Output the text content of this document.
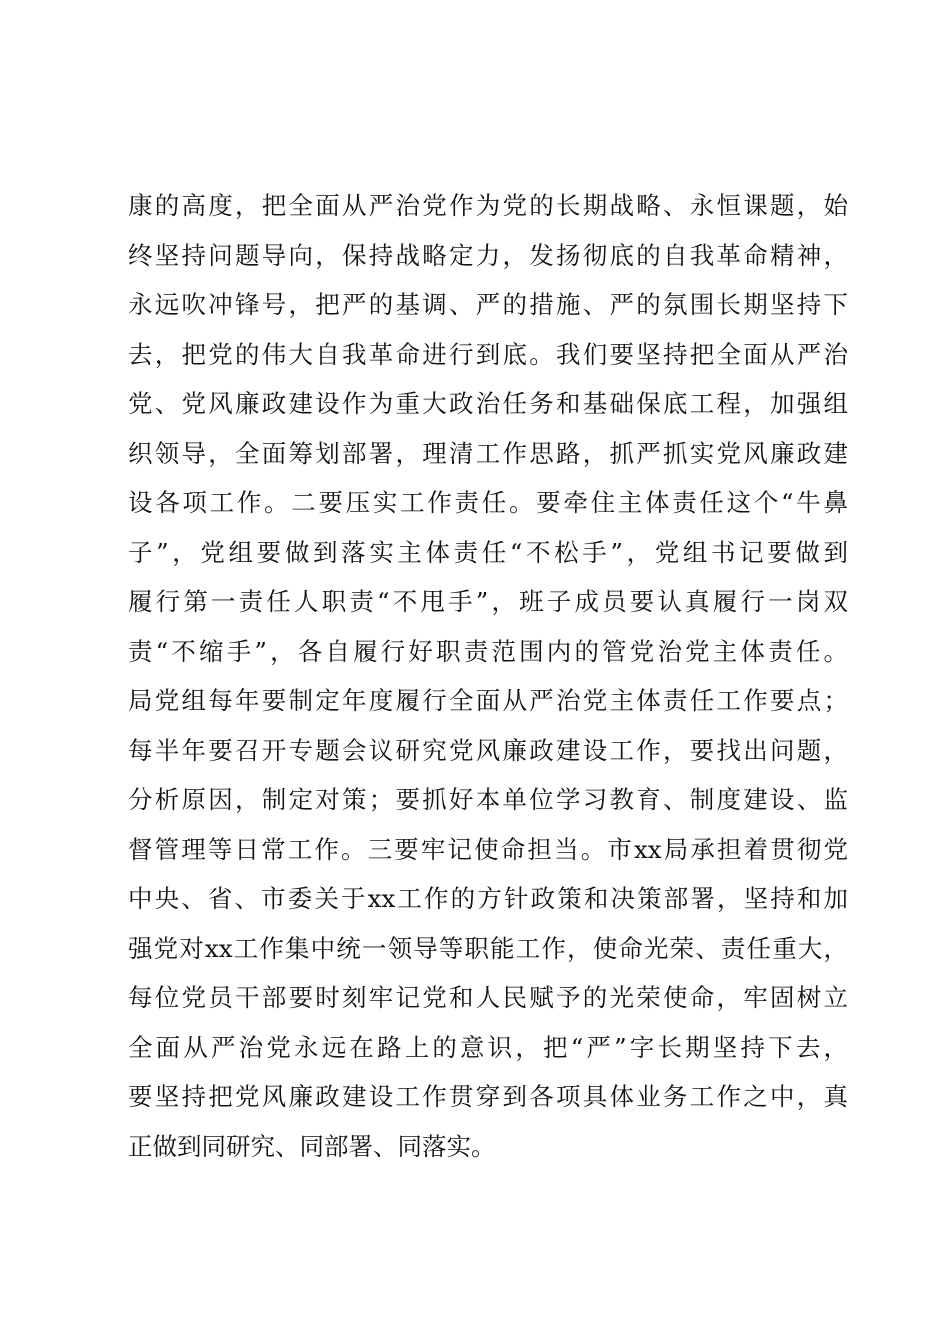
康的高度，把全面从严治党作为党的长期战略、永恒课题，始
终坚持问题导向，保持战略定力，发扬彻底的自我革命精神，
永远吹冲锋号，把严的基调、严的措施、严的氛围长期坚持下
去，把党的伟大自我革命进行到底。我们要坚持把全面从严治
党、党风廉政建设作为重大政治任务和基础保底工程，加强组
织领导，全面筹划部署，理清工作思路，抓严抓实党风廉政建
设各项工作。二要压实工作责任。要牵住主体责任这个“牛鼻
子”，党组要做到落实主体责任“不松手”，党组书记要做到
履行第一责任人职责“不甩手”，班子成员要认真履行一岗双
责“不缩手”，各自履行好职责范围内的管党治党主体责任。
局党组每年要制定年度履行全面从严治党主体责任工作要点；
每半年要召开专题会议研究党风廉政建设工作，要找出问题，
分析原因，制定对策；要抓好本单位学习教育、制度建设、监
督管理等日常工作。三要牢记使命担当。市xx局承担着贯彻党
中央、省、市委关于xx工作的方针政策和决策部署，坚持和加
强党对xx工作集中统一领导等职能工作，使命光荣、责任重大，
每位党员干部要时刻牢记党和人民赋予的光荣使命，牢固树立
全面从严治党永远在路上的意识，把“严”字长期坚持下去，
要坚持把党风廉政建设工作贯穿到各项具体业务工作之中，真
正做到同研究、同部署、同落实。
